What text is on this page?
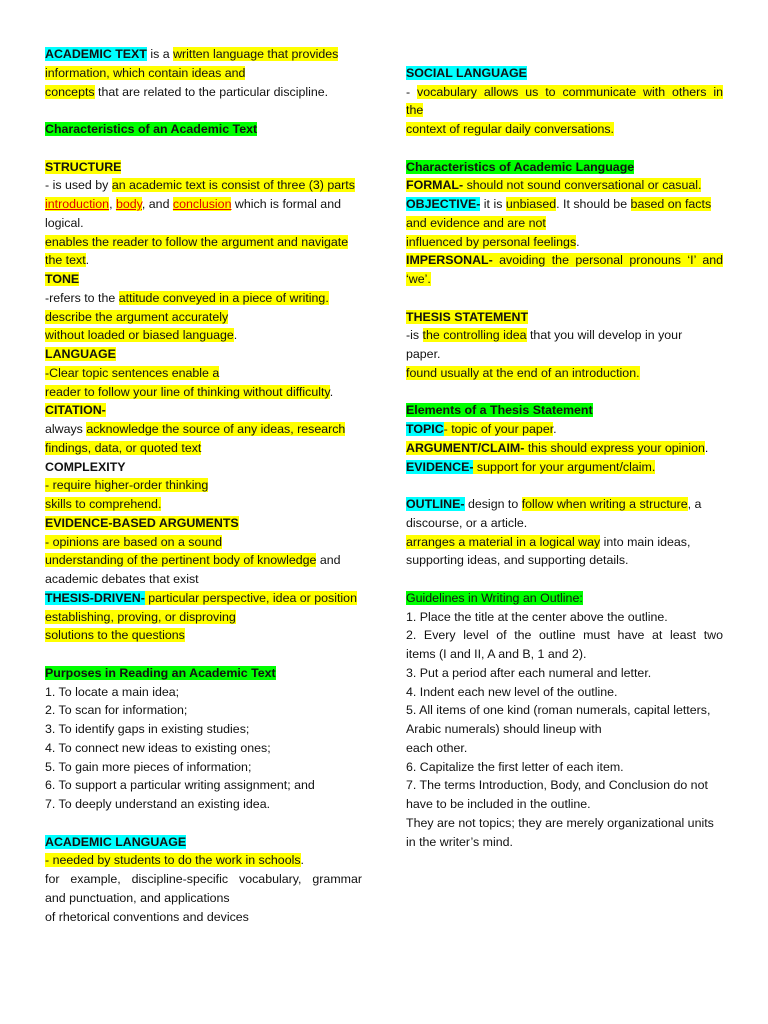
ACADEMIC TEXT is a written language that provides
information, which contain ideas and
concepts that are related to the particular discipline.
Characteristics of an Academic Text
STRUCTURE
- is used by an academic text is consist of three (3) parts
introduction, body, and conclusion which is formal and
logical.
enables the reader to follow the argument and navigate
the text.
TONE
-refers to the attitude conveyed in a piece of writing.
describe the argument accurately
without loaded or biased language.
LANGUAGE
-Clear topic sentences enable a
reader to follow your line of thinking without difficulty.
CITATION-
always acknowledge the source of any ideas, research
findings, data, or quoted text
COMPLEXITY
- require higher-order thinking
skills to comprehend.
EVIDENCE-BASED ARGUMENTS
- opinions are based on a sound
understanding of the pertinent body of knowledge and
academic debates that exist
THESIS-DRIVEN- particular perspective, idea or position
establishing, proving, or disproving
solutions to the questions
Purposes in Reading an Academic Text
1. To locate a main idea;
2. To scan for information;
3. To identify gaps in existing studies;
4. To connect new ideas to existing ones;
5. To gain more pieces of information;
6. To support a particular writing assignment; and
7. To deeply understand an existing idea.
ACADEMIC LANGUAGE
- needed by students to do the work in schools.
for example, discipline-specific vocabulary, grammar
and punctuation, and applications
of rhetorical conventions and devices
SOCIAL LANGUAGE
- vocabulary allows us to communicate with others in
the
context of regular daily conversations.
Characteristics of Academic Language
FORMAL- should not sound conversational or casual.
OBJECTIVE- it is unbiased. It should be based on facts
and evidence and are not
influenced by personal feelings.
IMPERSONAL- avoiding the personal pronouns ‘I’ and
‘we’.
THESIS STATEMENT
-is the controlling idea that you will develop in your
paper.
found usually at the end of an introduction.
Elements of a Thesis Statement
TOPIC- topic of your paper.
ARGUMENT/CLAIM- this should express your opinion.
EVIDENCE- support for your argument/claim.
OUTLINE- design to follow when writing a structure, a
discourse, or a article.
arranges a material in a logical way into main ideas,
supporting ideas, and supporting details.
Guidelines in Writing an Outline:
1. Place the title at the center above the outline.
2. Every level of the outline must have at least two
items (I and II, A and B, 1 and 2).
3. Put a period after each numeral and letter.
4. Indent each new level of the outline.
5. All items of one kind (roman numerals, capital letters,
Arabic numerals) should lineup with
each other.
6. Capitalize the first letter of each item.
7. The terms Introduction, Body, and Conclusion do not
have to be included in the outline.
They are not topics; they are merely organizational units
in the writer’s mind.
